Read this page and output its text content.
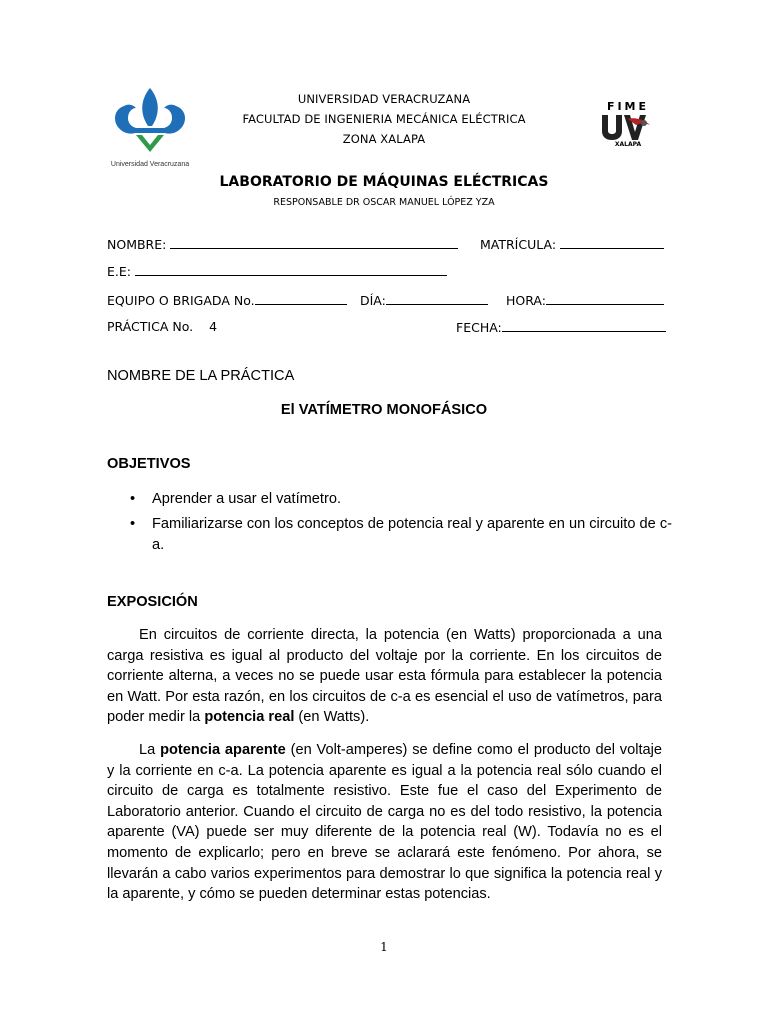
Universidad Veracruzana
FIME
XALAPA
UNIVERSIDAD VERACRUZANA
FACULTAD DE INGENIERIA MECÁNICA ELÉCTRICA
ZONA XALAPA
LABORATORIO DE MÁQUINAS ELÉCTRICAS
RESPONSABLE DR OSCAR MANUEL LÓPEZ YZA
NOMBRE:	MATRÍCULA:
E.E:
EQUIPO O BRIGADA No.	DÍA:	HORA:
PRÁCTICA No. 4	FECHA:
NOMBRE DE LA PRÁCTICA
El VATÍMETRO MONOFÁSICO
OBJETIVOS
• Aprender a usar el vatímetro.
• Familiarizarse con los conceptos de potencia real y aparente en un circuito de c-a.
EXPOSICIÓN
En circuitos de corriente directa, la potencia (en Watts) proporcionada a una carga resistiva es igual al producto del voltaje por la corriente. En los circuitos de corriente alterna, a veces no se puede usar esta fórmula para establecer la potencia en Watt. Por esta razón, en los circuitos de c-a es esencial el uso de vatímetros, para poder medir la potencia real (en Watts).
La potencia aparente (en Volt-amperes) se define como el producto del voltaje y la corriente en c-a. La potencia aparente es igual a la potencia real sólo cuando el circuito de carga es totalmente resistivo. Este fue el caso del Experimento de Laboratorio anterior. Cuando el circuito de carga no es del todo resistivo, la potencia aparente (VA) puede ser muy diferente de la potencia real (W). Todavía no es el momento de explicarlo; pero en breve se aclarará este fenómeno. Por ahora, se llevarán a cabo varios experimentos para demostrar lo que significa la potencia real y la aparente, y cómo se pueden determinar estas potencias.
1
